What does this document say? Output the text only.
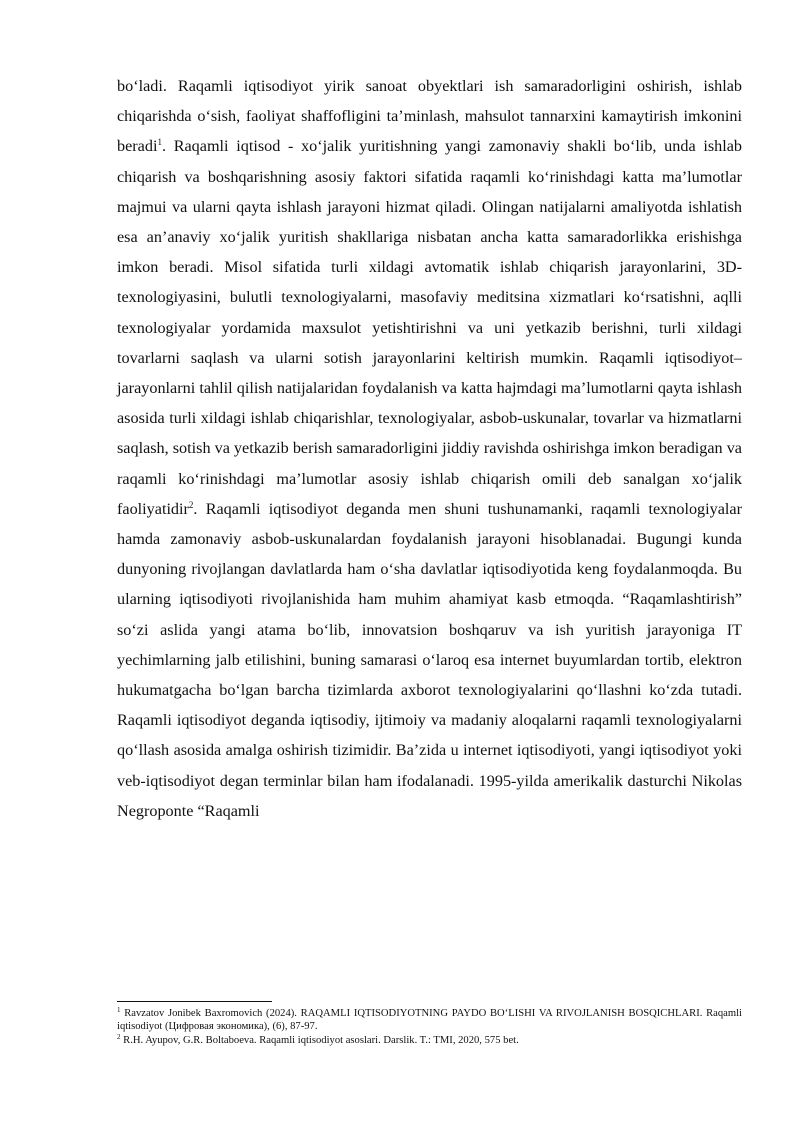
bo‘ladi. Raqamli iqtisodiyot yirik sanoat obyektlari ish samaradorligini oshirish, ishlab chiqarishda o‘sish, faoliyat shaffofligini ta’minlash, mahsulot tannarxini kamaytirish imkonini beradi$^1$. Raqamli iqtisod - xo‘jalik yuritishning yangi zamonaviy shakli bo‘lib, unda ishlab chiqarish va boshqarishning asosiy faktori sifatida raqamli ko‘rinishdagi katta ma’lumotlar majmui va ularni qayta ishlash jarayoni hizmat qiladi. Olingan natijalarni amaliyotda ishlatish esa an’anaviy xo‘jalik yuritish shakllariga nisbatan ancha katta samaradorlikka erishishga imkon beradi. Misol sifatida turli xildagi avtomatik ishlab chiqarish jarayonlarini, 3D-texnologiyasini, bulutli texnologiyalarni, masofaviy meditsina xizmatlari ko‘rsatishni, aqlli texnologiyalar yordamida maxsulot yetishtirishni va uni yetkazib berishni, turli xildagi tovarlarni saqlash va ularni sotish jarayonlarini keltirish mumkin. Raqamli iqtisodiyot– jarayonlarni tahlil qilish natijalaridan foydalanish va katta hajmdagi ma’lumotlarni qayta ishlash asosida turli xildagi ishlab chiqarishlar, texnologiyalar, asbob-uskunalar, tovarlar va hizmatlarni saqlash, sotish va yetkazib berish samaradorligini jiddiy ravishda oshirishga imkon beradigan va raqamli ko‘rinishdagi ma’lumotlar asosiy ishlab chiqarish omili deb sanalgan xo‘jalik faoliyatidir$^2$. Raqamli iqtisodiyot deganda men shuni tushunamanki, raqamli texnologiyalar hamda zamonaviy asbob-uskunalardan foydalanish jarayoni hisoblanadai. Bugungi kunda dunyoning rivojlangan davlatlarda ham o‘sha davlatlar iqtisodiyotida keng foydalanmoqda. Bu ularning iqtisodiyoti rivojlanishida ham muhim ahamiyat kasb etmoqda. “Raqamlashtirish” so‘zi aslida yangi atama bo‘lib, innovatsion boshqaruv va ish yuritish jarayoniga IT yechimlarning jalb etilishini, buning samarasi o‘laroq esa internet buyumlardan tortib, elektron hukumatgacha bo‘lgan barcha tizimlarda axborot texnologiyalarini qo‘llashni ko‘zda tutadi. Raqamli iqtisodiyot deganda iqtisodiy, ijtimoiy va madaniy aloqalarni raqamli texnologiyalarni qo‘llash asosida amalga oshirish tizimidir. Ba’zida u internet iqtisodiyoti, yangi iqtisodiyot yoki veb-iqtisodiyot degan terminlar bilan ham ifodalanadi. 1995-yilda amerikalik dasturchi Nikolas Negroponte “Raqamli

$^1$ Ravzatov Jonibek Baxromovich (2024). RAQAMLI IQTISODIYOTNING PAYDO BO‘LISHI VA RIVOJLANISH BOSQICHLARI. Raqamli iqtisodiyot (Цифровая экономика), (6), 87-97.

$^2$ R.H. Ayupov, G.R. Boltaboeva. Raqamli iqtisodiyot asoslari. Darslik. T.: TMI, 2020, 575 bet.
